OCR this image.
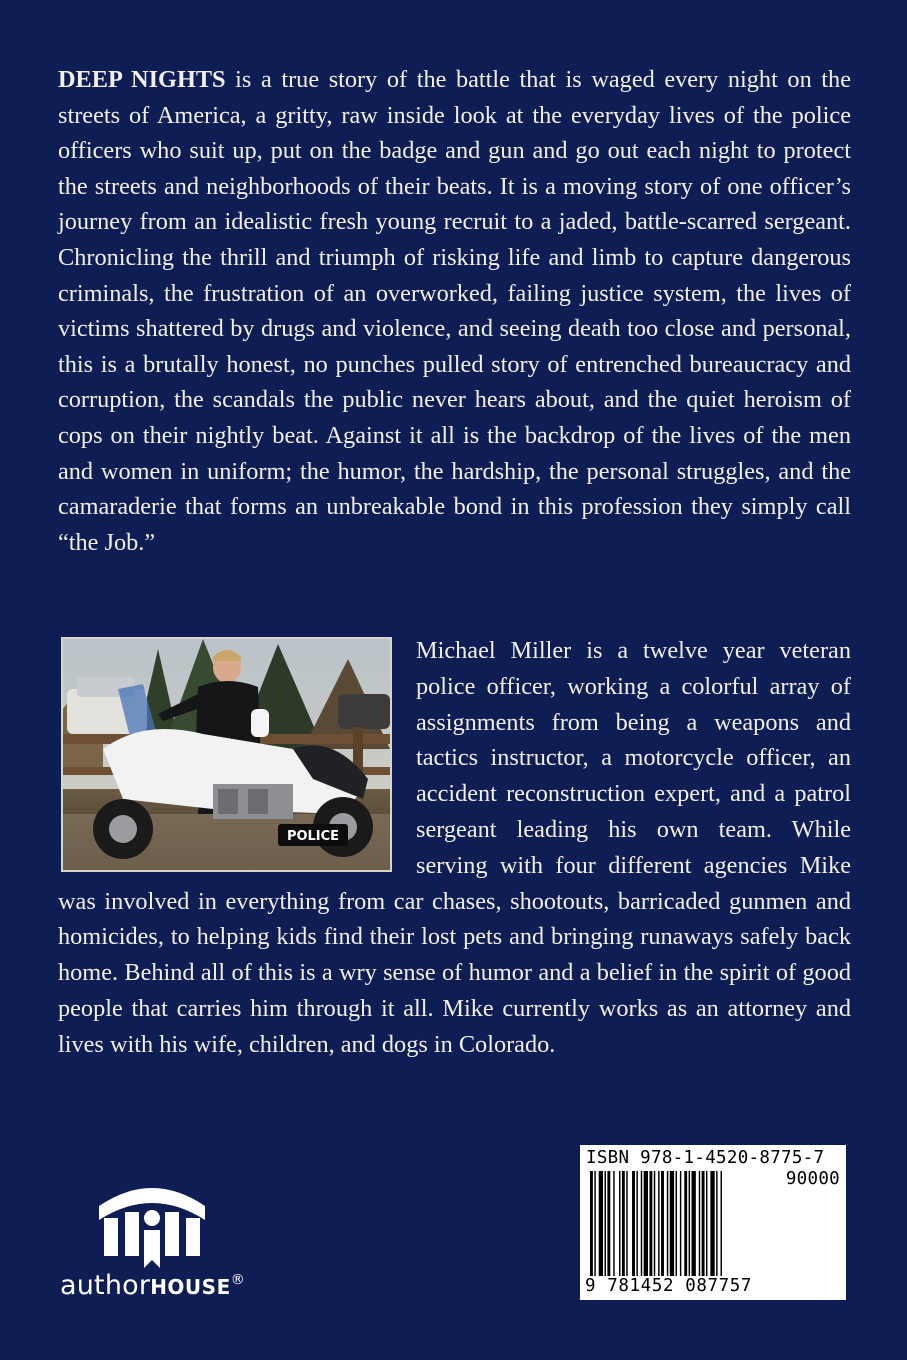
DEEP NIGHTS is a true story of the battle that is waged every night on the streets of America, a gritty, raw inside look at the everyday lives of the police officers who suit up, put on the badge and gun and go out each night to protect the streets and neighborhoods of their beats. It is a moving story of one officer’s journey from an idealistic fresh young recruit to a jaded, battle-scarred sergeant. Chronicling the thrill and triumph of risking life and limb to capture dangerous criminals, the frustration of an overworked, failing justice system, the lives of victims shattered by drugs and violence, and seeing death too close and personal, this is a brutally honest, no punches pulled story of entrenched bureaucracy and corruption, the scandals the public never hears about, and the quiet heroism of cops on their nightly beat. Against it all is the backdrop of the lives of the men and women in uniform; the humor, the hardship, the personal struggles, and the camaraderie that forms an unbreakable bond in this profession they simply call “the Job.”

POLICE
Michael Miller is a twelve year veteran police officer, working a colorful array of assignments from being a weapons and tactics instructor, a motorcycle officer, an accident reconstruction expert, and a patrol sergeant leading his own team. While serving with four different agencies Mike was involved in everything from car chases, shootouts, barricaded gunmen and homicides, to helping kids find their lost pets and bringing runaways safely back home. Behind all of this is a wry sense of humor and a belief in the spirit of good people that carries him through it all. Mike currently works as an attorney and lives with his wife, children, and dogs in Colorado.
authorHOUSE®
ISBN 978-1-4520-8775-7
90000
9 781452 087757
